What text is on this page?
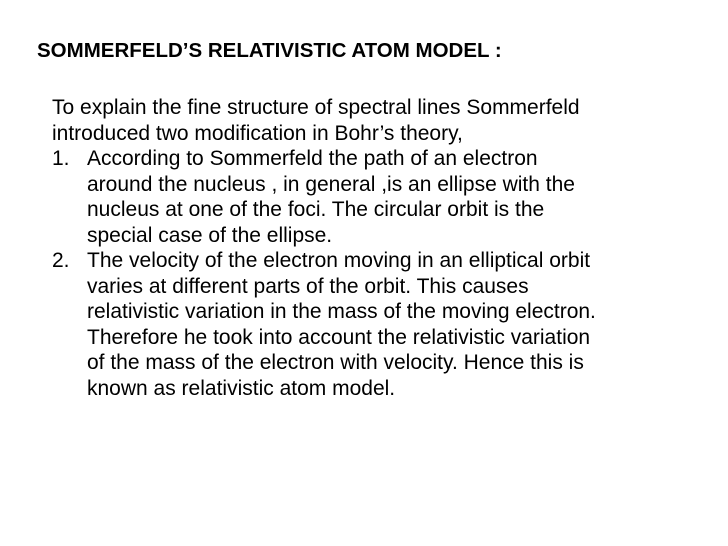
SOMMERFELD’S RELATIVISTIC ATOM MODEL :

To explain the fine structure of spectral lines Sommerfeld
introduced two modification in Bohr’s theory,

1. According to Sommerfeld the path of an electron
around the nucleus , in general ,is an ellipse with the
nucleus at one of the foci. The circular orbit is the
special case of the ellipse.
2. The velocity of the electron moving in an elliptical orbit
varies at different parts of the orbit. This causes
relativistic variation in the mass of the moving electron.
Therefore he took into account the relativistic variation
of the mass of the electron with velocity. Hence this is
known as relativistic atom model.
